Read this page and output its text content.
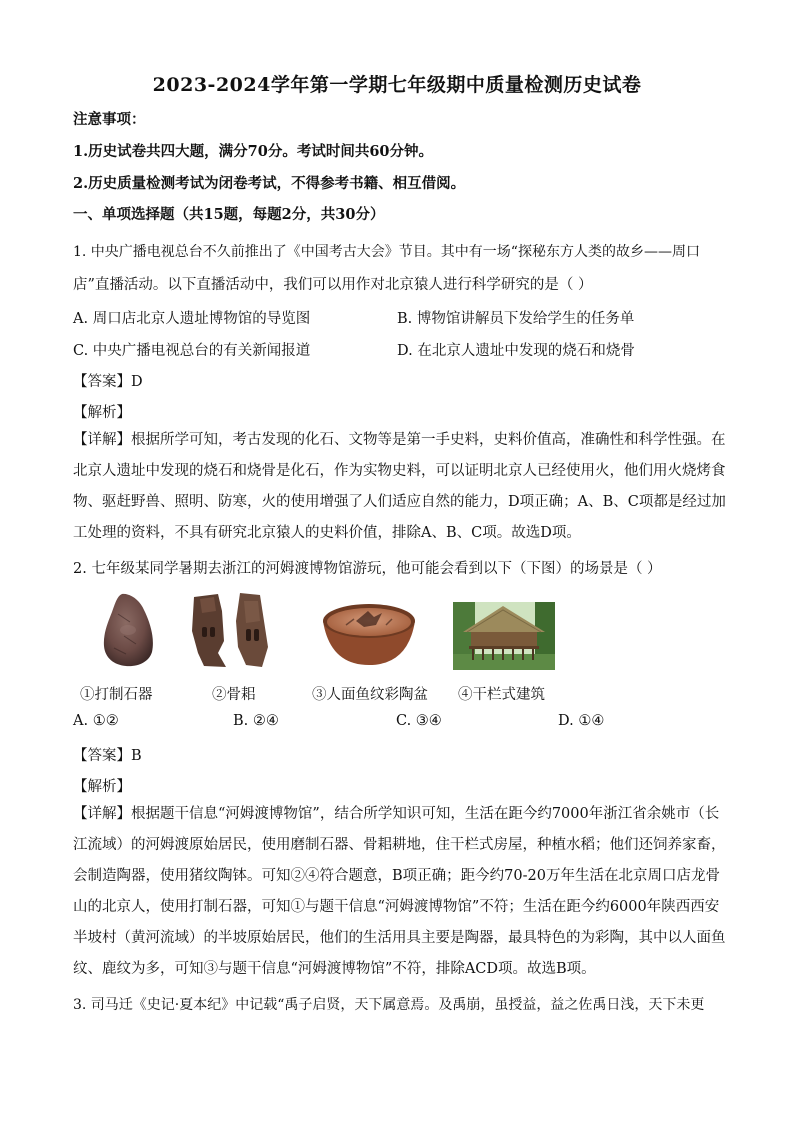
2023-2024学年第一学期七年级期中质量检测历史试卷
注意事项：
1.历史试卷共四大题，满分70分。考试时间共60分钟。
2.历史质量检测考试为闭卷考试，不得参考书籍、相互借阅。
一、单项选择题（共15题，每题2分，共30分）
1. 中央广播电视总台不久前推出了《中国考古大会》节目。其中有一场“探秘东方人类的故乡——周口
店”直播活动。以下直播活动中，我们可以用作对北京猿人进行科学研究的是（ ）
A. 周口店北京人遗址博物馆的导览图	B. 博物馆讲解员下发给学生的任务单
C. 中央广播电视总台的有关新闻报道	D. 在北京人遗址中发现的烧石和烧骨
【答案】D
【解析】
【详解】根据所学可知，考古发现的化石、文物等是第一手史料，史料价值高，准确性和科学性强。在北京人遗址中发现的烧石和烧骨是化石，作为实物史料，可以证明北京人已经使用火，他们用火烧烤食物、驱赶野兽、照明、防寒，火的使用增强了人们适应自然的能力，D项正确；A、B、C项都是经过加工处理的资料，不具有研究北京猿人的史料价值，排除A、B、C项。故选D项。
2. 七年级某同学暑期去浙江的河姆渡博物馆游玩，他可能会看到以下（下图）的场景是（ ）
①打制石器	②骨耜	③人面鱼纹彩陶盆 ④干栏式建筑
A. ①②	B. ②④	C. ③④	D. ①④
【答案】B
【解析】
【详解】根据题干信息“河姆渡博物馆”，结合所学知识可知，生活在距今约7000年浙江省余姚市（长江流域）的河姆渡原始居民，使用磨制石器、骨耜耕地，住干栏式房屋，种植水稻；他们还饲养家畜，会制造陶器，使用猪纹陶钵。可知②④符合题意，B项正确；距今约70-20万年生活在北京周口店龙骨山的北京人，使用打制石器，可知①与题干信息“河姆渡博物馆”不符；生活在距今约6000年陕西西安半坡村（黄河流域）的半坡原始居民，他们的生活用具主要是陶器，最具特色的为彩陶，其中以人面鱼纹、鹿纹为多，可知③与题干信息“河姆渡博物馆”不符，排除ACD项。故选B项。
3. 司马迁《史记·夏本纪》中记载“禹子启贤，天下属意焉。及禹崩，虽授益，益之佐禹日浅，天下未更
